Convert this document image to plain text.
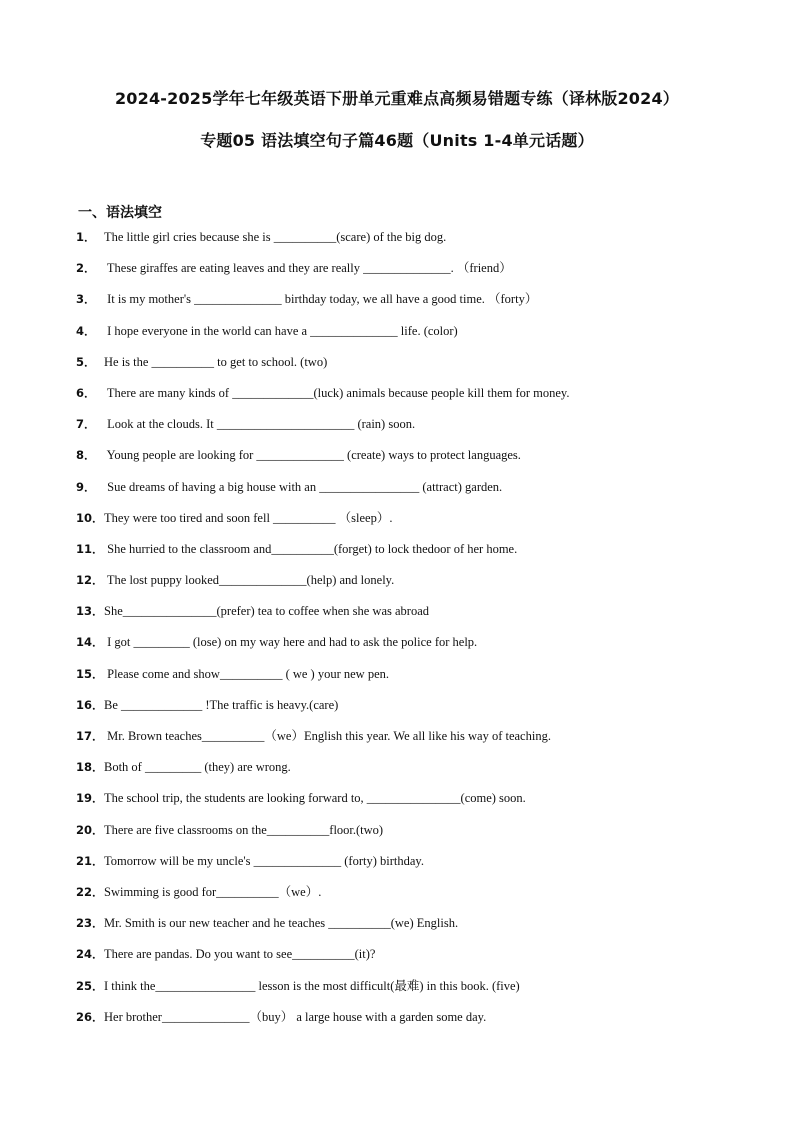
2024-2025学年七年级英语下册单元重难点高频易错题专练（译林版2024）
专题05 语法填空句子篇46题（Units 1-4单元话题）
一、语法填空
1． The little girl cries because she is __________(scare) of the big dog.
2． These giraffes are eating leaves and they are really ______________. （friend）
3． It is my mother's ______________ birthday today, we all have a good time. （forty）
4． I hope everyone in the world can have a ______________ life. (color)
5． He is the __________ to get to school. (two)
6． There are many kinds of _____________(luck) animals because people kill them for money.
7． Look at the clouds. It ______________________ (rain) soon.
8． Young people are looking for ______________ (create) ways to protect languages.
9． Sue dreams of having a big house with an ________________ (attract) garden.
10．They were too tired and soon fell __________ （sleep）.
11． She hurried to the classroom and__________(forget) to lock thedoor of her home.
12． The lost puppy looked______________(help) and lonely.
13．She_______________(prefer) tea to coffee when she was abroad
14． I got _________ (lose) on my way here and had to ask the police for help.
15． Please come and show__________ ( we ) your new pen.
16．Be _____________ !The traffic is heavy.(care)
17． Mr. Brown teaches__________（we）English this year. We all like his way of teaching.
18．Both of _________ (they) are wrong.
19．The school trip, the students are looking forward to, _______________(come) soon.
20．There are five classrooms on the__________floor.(two)
21．Tomorrow will be my uncle's ______________ (forty) birthday.
22．Swimming is good for__________（we）.
23．Mr. Smith is our new teacher and he teaches __________(we) English.
24．There are pandas. Do you want to see__________(it)?
25．I think the________________ lesson is the most difficult(最难) in this book. (five)
26．Her brother______________（buy） a large house with a garden some day.
